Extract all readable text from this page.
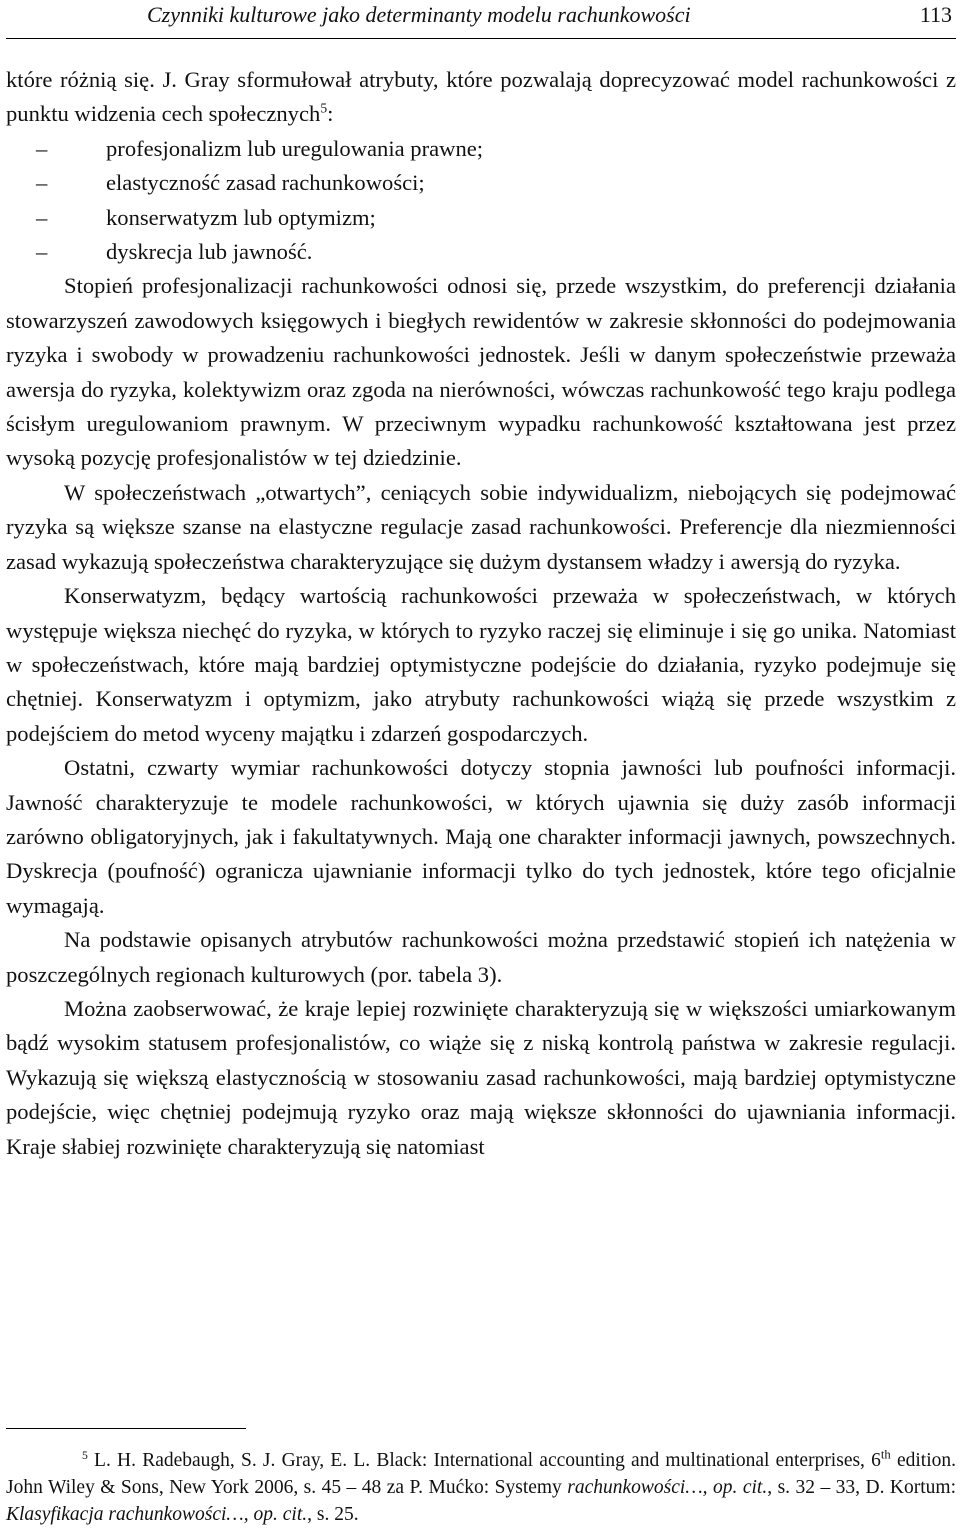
Czynniki kulturowe jako determinanty modelu rachunkowości	113

które różnią się. J. Gray sformułował atrybuty, które pozwalają doprecyzować model rachunkowości z punktu widzenia cech społecznych$^5$:

–	profesjonalizm lub uregulowania prawne;
–	elastyczność zasad rachunkowości;
–	konserwatyzm lub optymizm;
–	dyskrecja lub jawność.

Stopień profesjonalizacji rachunkowości odnosi się, przede wszystkim, do preferencji działania stowarzyszeń zawodowych księgowych i biegłych rewidentów w zakresie skłonności do podejmowania ryzyka i swobody w prowadzeniu rachunkowości jednostek. Jeśli w danym społeczeństwie przeważa awersja do ryzyka, kolektywizm oraz zgoda na nierówności, wówczas rachunkowość tego kraju podlega ścisłym uregulowaniom prawnym. W przeciwnym wypadku rachunkowość kształtowana jest przez wysoką pozycję profesjonalistów w tej dziedzinie.

W społeczeństwach „otwartych”, ceniących sobie indywidualizm, niebojących się podejmować ryzyka są większe szanse na elastyczne regulacje zasad rachunkowości. Preferencje dla niezmienności zasad wykazują społeczeństwa charakteryzujące się dużym dystansem władzy i awersją do ryzyka.

Konserwatyzm, będący wartością rachunkowości przeważa w społeczeństwach, w których występuje większa niechęć do ryzyka, w których to ryzyko raczej się eliminuje i się go unika. Natomiast w społeczeństwach, które mają bardziej optymistyczne podejście do działania, ryzyko podejmuje się chętniej. Konserwatyzm i optymizm, jako atrybuty rachunkowości wiążą się przede wszystkim z podejściem do metod wyceny majątku i zdarzeń gospodarczych.

Ostatni, czwarty wymiar rachunkowości dotyczy stopnia jawności lub poufności informacji. Jawność charakteryzuje te modele rachunkowości, w których ujawnia się duży zasób informacji zarówno obligatoryjnych, jak i fakultatywnych. Mają one charakter informacji jawnych, powszechnych. Dyskrecja (poufność) ogranicza ujawnianie informacji tylko do tych jednostek, które tego oficjalnie wymagają.

Na podstawie opisanych atrybutów rachunkowości można przedstawić stopień ich natężenia w poszczególnych regionach kulturowych (por. tabela 3).

Można zaobserwować, że kraje lepiej rozwinięte charakteryzują się w większości umiarkowanym bądź wysokim statusem profesjonalistów, co wiąże się z niską kontrolą państwa w zakresie regulacji. Wykazują się większą elastycznością w stosowaniu zasad rachunkowości, mają bardziej optymistyczne podejście, więc chętniej podejmują ryzyko oraz mają większe skłonności do ujawniania informacji. Kraje słabiej rozwinięte charakteryzują się natomiast

$^5$ L. H. Radebaugh, S. J. Gray, E. L. Black: International accounting and multinational enterprises, 6th edition. John Wiley & Sons, New York 2006, s. 45 – 48 za P. Mućko: Systemy rachunkowości…, op. cit., s. 32 – 33, D. Kortum: Klasyfikacja rachunkowości…, op. cit., s. 25.
